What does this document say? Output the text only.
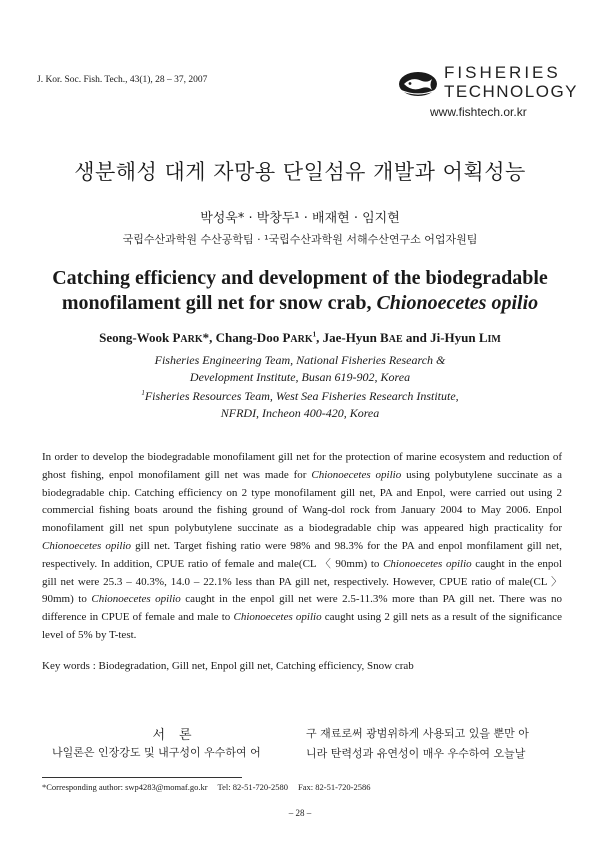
J. Kor. Soc. Fish. Tech., 43(1), 28 – 37, 2007	FISHERIES
TECHNOLOGY
www.fishtech.or.kr
생분해성 대게 자망용 단일섬유 개발과 어획성능
박성욱* · 박창두¹ · 배재현 · 임지현
국립수산과학원 수산공학팀 · ¹국립수산과학원 서해수산연구소 어업자원팀
Catching efficiency and development of the biodegradable
monofilament gill net for snow crab, Chionoecetes opilio
Seong-Wook PARK*, Chang-Doo PARK$^1$, Jae-Hyun BAE and Ji-Hyun LIM
Fisheries Engineering Team, National Fisheries Research &
Development Institute, Busan 619-902, Korea
$^1$Fisheries Resources Team, West Sea Fisheries Research Institute,
NFRDI, Incheon 400-420, Korea
In order to develop the biodegradable monofilament gill net for the protection of marine ecosystem and reduction of ghost fishing, enpol monofilament gill net was made for Chionoecetes opilio using polybutylene succinate as a biodegradable chip. Catching efficiency on 2 type monofilament gill net, PA and Enpol, were carried out using 2 commercial fishing boats around the fishing ground of Wang-dol rock from January 2004 to May 2006. Enpol monofilament gill net spun polybutylene succinate as a biodegradable chip was appeared high practicality for Chionoecetes opilio gill net. Target fishing ratio were 98% and 98.3% for the PA and enpol monfilament gill net, respectively. In addition, CPUE ratio of female and male(CL 〈 90mm) to Chionoecetes opilio caught in the enpol gill net were 25.3 – 40.3%, 14.0 – 22.1% less than PA gill net, respectively. However, CPUE ratio of male(CL 〉 90mm) to Chionoecetes opilio caught in the enpol gill net were 2.5-11.3% more than PA gill net. There was no difference in CPUE of female and male to Chionoecetes opilio caught using 2 gill nets as a result of the significance level of 5% by T-test.
Key words : Biodegradation, Gill net, Enpol gill net, Catching efficiency, Snow crab
서론
나일론은 인장강도 및 내구성이 우수하여 어
구 재료로써 광범위하게 사용되고 있을 뿐만 아
니라 탄력성과 유연성이 매우 우수하여 오늘날
*Corresponding author: swp4283@momaf.go.kr Tel: 82-51-720-2580 Fax: 82-51-720-2586
– 28 –
